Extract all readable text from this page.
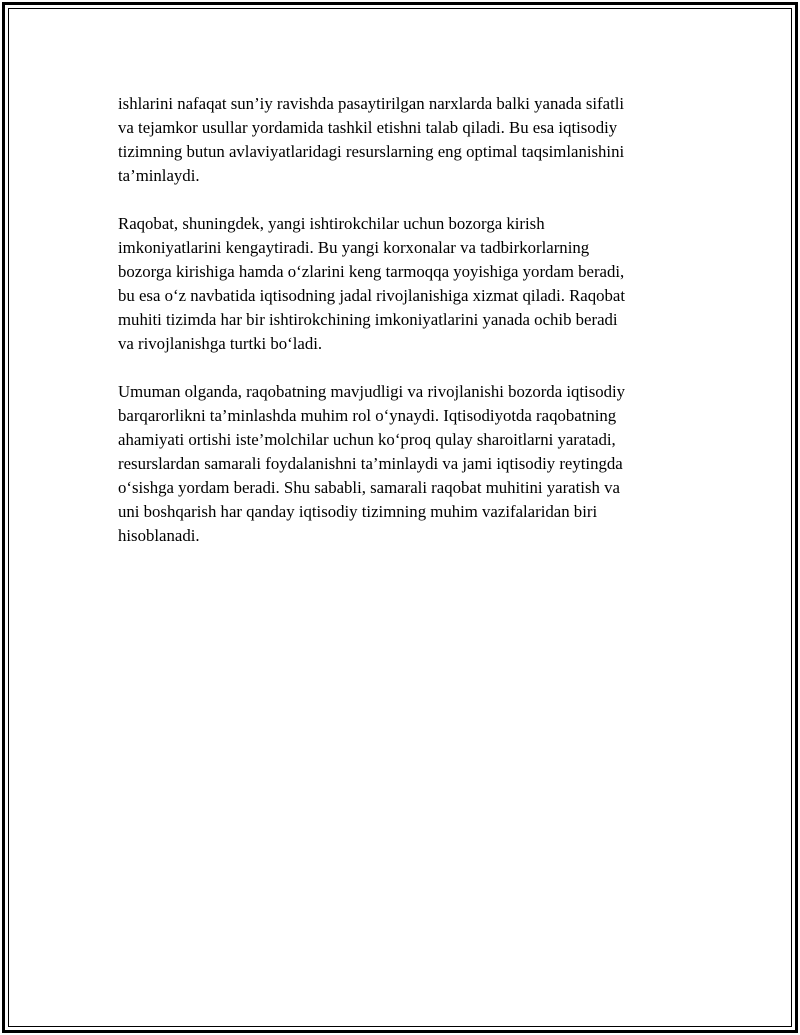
ishlarini nafaqat sun’iy ravishda pasaytirilgan narxlarda balki yanada sifatli
va tejamkor usullar yordamida tashkil etishni talab qiladi. Bu esa iqtisodiy
tizimning butun avlaviyatlaridagi resurslarning eng optimal taqsimlanishini
ta’minlaydi.

Raqobat, shuningdek, yangi ishtirokchilar uchun bozorga kirish
imkoniyatlarini kengaytiradi. Bu yangi korxonalar va tadbirkorlarning
bozorga kirishiga hamda o‘zlarini keng tarmoqqa yoyishiga yordam beradi,
bu esa o‘z navbatida iqtisodning jadal rivojlanishiga xizmat qiladi. Raqobat
muhiti tizimda har bir ishtirokchining imkoniyatlarini yanada ochib beradi
va rivojlanishga turtki bo‘ladi.

Umuman olganda, raqobatning mavjudligi va rivojlanishi bozorda iqtisodiy
barqarorlikni ta’minlashda muhim rol o‘ynaydi. Iqtisodiyotda raqobatning
ahamiyati ortishi iste’molchilar uchun ko‘proq qulay sharoitlarni yaratadi,
resurslardan samarali foydalanishni ta’minlaydi va jami iqtisodiy reytingda
o‘sishga yordam beradi. Shu sababli, samarali raqobat muhitini yaratish va
uni boshqarish har qanday iqtisodiy tizimning muhim vazifalaridan biri
hisoblanadi.
